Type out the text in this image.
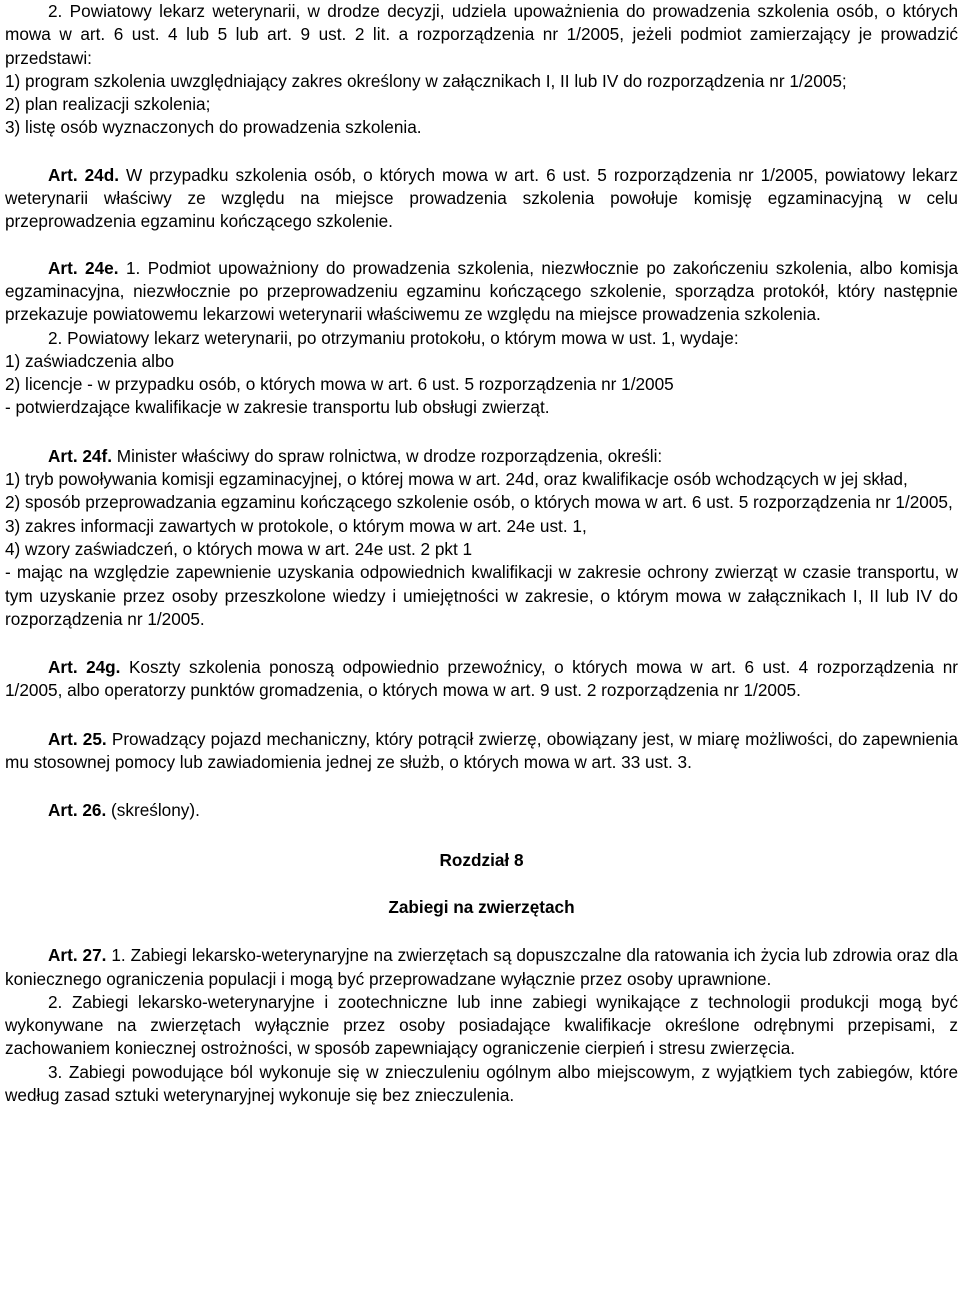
2. Powiatowy lekarz weterynarii, w drodze decyzji, udziela upoważnienia do prowadzenia szkolenia osób, o których mowa w art. 6 ust. 4 lub 5 lub art. 9 ust. 2 lit. a rozporządzenia nr 1/2005, jeżeli podmiot zamierzający je prowadzić przedstawi:

1) program szkolenia uwzględniający zakres określony w załącznikach I, II lub IV do rozporządzenia nr 1/2005;

2) plan realizacji szkolenia;

3) listę osób wyznaczonych do prowadzenia szkolenia.

Art. 24d. W przypadku szkolenia osób, o których mowa w art. 6 ust. 5 rozporządzenia nr 1/2005, powiatowy lekarz weterynarii właściwy ze względu na miejsce prowadzenia szkolenia powołuje komisję egzaminacyjną w celu przeprowadzenia egzaminu kończącego szkolenie.

Art. 24e. 1. Podmiot upoważniony do prowadzenia szkolenia, niezwłocznie po zakończeniu szkolenia, albo komisja egzaminacyjna, niezwłocznie po przeprowadzeniu egzaminu kończącego szkolenie, sporządza protokół, który następnie przekazuje powiatowemu lekarzowi weterynarii właściwemu ze względu na miejsce prowadzenia szkolenia.

2. Powiatowy lekarz weterynarii, po otrzymaniu protokołu, o którym mowa w ust. 1, wydaje:

1) zaświadczenia albo

2) licencje - w przypadku osób, o których mowa w art. 6 ust. 5 rozporządzenia nr 1/2005

- potwierdzające kwalifikacje w zakresie transportu lub obsługi zwierząt.

Art. 24f. Minister właściwy do spraw rolnictwa, w drodze rozporządzenia, określi:

1) tryb powoływania komisji egzaminacyjnej, o której mowa w art. 24d, oraz kwalifikacje osób wchodzących w jej skład,

2) sposób przeprowadzania egzaminu kończącego szkolenie osób, o których mowa w art. 6 ust. 5 rozporządzenia nr 1/2005,

3) zakres informacji zawartych w protokole, o którym mowa w art. 24e ust. 1,

4) wzory zaświadczeń, o których mowa w art. 24e ust. 2 pkt 1

- mając na względzie zapewnienie uzyskania odpowiednich kwalifikacji w zakresie ochrony zwierząt w czasie transportu, w tym uzyskanie przez osoby przeszkolone wiedzy i umiejętności w zakresie, o którym mowa w załącznikach I, II lub IV do rozporządzenia nr 1/2005.

Art. 24g. Koszty szkolenia ponoszą odpowiednio przewoźnicy, o których mowa w art. 6 ust. 4 rozporządzenia nr 1/2005, albo operatorzy punktów gromadzenia, o których mowa w art. 9 ust. 2 rozporządzenia nr 1/2005.

Art. 25. Prowadzący pojazd mechaniczny, który potrącił zwierzę, obowiązany jest, w miarę możliwości, do zapewnienia mu stosownej pomocy lub zawiadomienia jednej ze służb, o których mowa w art. 33 ust. 3.

Art. 26. (skreślony).

Rozdział 8

Zabiegi na zwierzętach

Art. 27. 1. Zabiegi lekarsko-weterynaryjne na zwierzętach są dopuszczalne dla ratowania ich życia lub zdrowia oraz dla koniecznego ograniczenia populacji i mogą być przeprowadzane wyłącznie przez osoby uprawnione.

2. Zabiegi lekarsko-weterynaryjne i zootechniczne lub inne zabiegi wynikające z technologii produkcji mogą być wykonywane na zwierzętach wyłącznie przez osoby posiadające kwalifikacje określone odrębnymi przepisami, z zachowaniem koniecznej ostrożności, w sposób zapewniający ograniczenie cierpień i stresu zwierzęcia.

3. Zabiegi powodujące ból wykonuje się w znieczuleniu ogólnym albo miejscowym, z wyjątkiem tych zabiegów, które według zasad sztuki weterynaryjnej wykonuje się bez znieczulenia.
